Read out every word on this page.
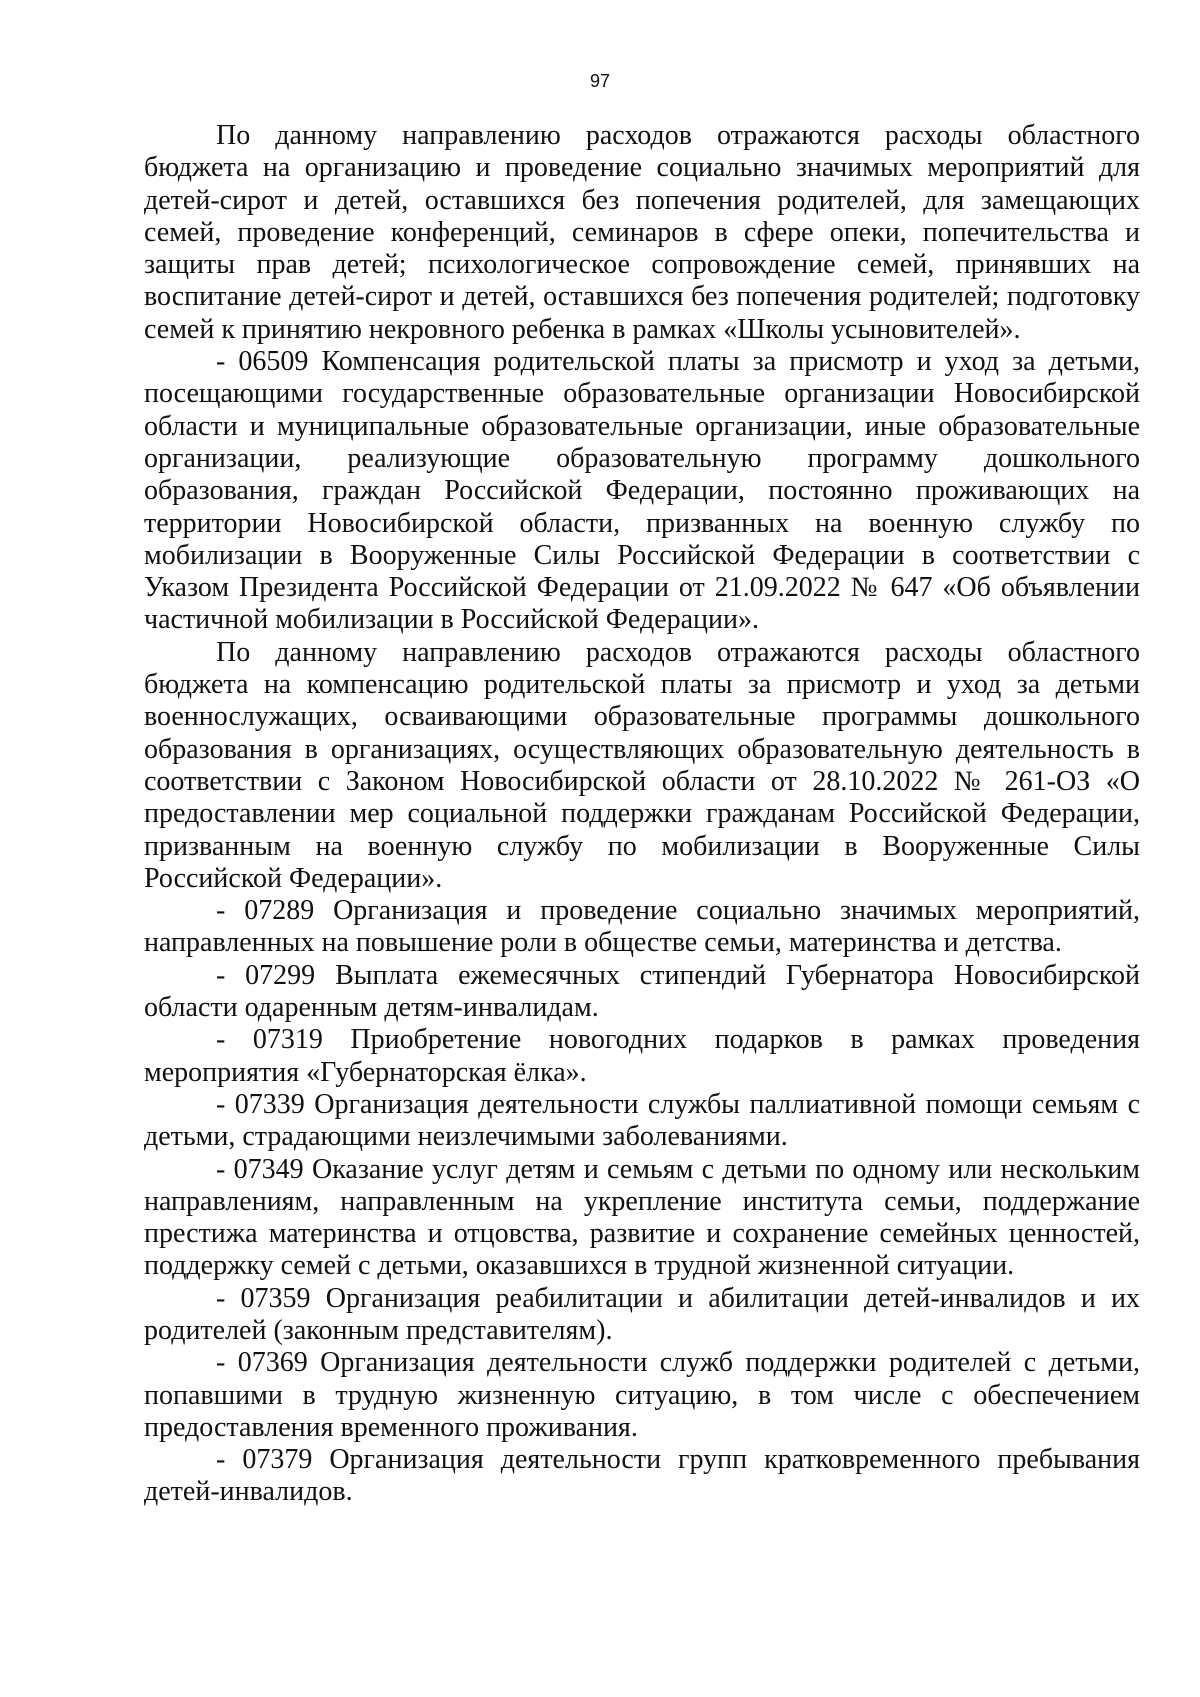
97

По данному направлению расходов отражаются расходы областного бюджета на организацию и проведение социально значимых мероприятий для детей-сирот и детей, оставшихся без попечения родителей, для замещающих семей, проведение конференций, семинаров в сфере опеки, попечительства и защиты прав детей; психологическое сопровождение семей, принявших на воспитание детей-сирот и детей, оставшихся без попечения родителей; подготовку семей к принятию некровного ребенка в рамках «Школы усыновителей».

- 06509 Компенсация родительской платы за присмотр и уход за детьми, посещающими государственные образовательные организации Новосибирской области и муниципальные образовательные организации, иные образовательные организации, реализующие образовательную программу дошкольного образования, граждан Российской Федерации, постоянно проживающих на территории Новосибирской области, призванных на военную службу по мобилизации в Вооруженные Силы Российской Федерации в соответствии с Указом Президента Российской Федерации от 21.09.2022 № 647 «Об объявлении частичной мобилизации в Российской Федерации».

По данному направлению расходов отражаются расходы областного бюджета на компенсацию родительской платы за присмотр и уход за детьми военнослужащих, осваивающими образовательные программы дошкольного образования в организациях, осуществляющих образовательную деятельность в соответствии с Законом Новосибирской области от 28.10.2022 № 261-ОЗ «О предоставлении мер социальной поддержки гражданам Российской Федерации, призванным на военную службу по мобилизации в Вооруженные Силы Российской Федерации».

- 07289 Организация и проведение социально значимых мероприятий, направленных на повышение роли в обществе семьи, материнства и детства.

- 07299 Выплата ежемесячных стипендий Губернатора Новосибирской области одаренным детям-инвалидам.

- 07319 Приобретение новогодних подарков в рамках проведения мероприятия «Губернаторская ёлка».

- 07339 Организация деятельности службы паллиативной помощи семьям с детьми, страдающими неизлечимыми заболеваниями.

- 07349 Оказание услуг детям и семьям с детьми по одному или нескольким направлениям, направленным на укрепление института семьи, поддержание престижа материнства и отцовства, развитие и сохранение семейных ценностей, поддержку семей с детьми, оказавшихся в трудной жизненной ситуации.

- 07359 Организация реабилитации и абилитации детей-инвалидов и их родителей (законным представителям).

- 07369 Организация деятельности служб поддержки родителей с детьми, попавшими в трудную жизненную ситуацию, в том числе с обеспечением предоставления временного проживания.

- 07379 Организация деятельности групп кратковременного пребывания детей-инвалидов.
